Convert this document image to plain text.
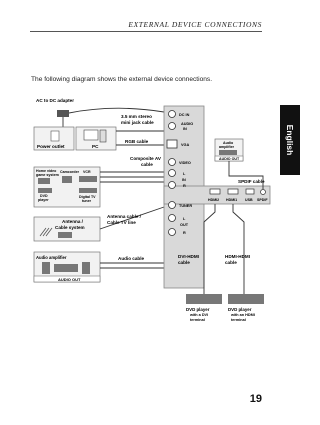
EXTERNAL DEVICE CONNECTIONS
English
The following diagram shows the external device connections.
AC to DC adapter
Power outlet	PC
3.5 mm stereo
mini jack cable
RGB cable
Home video
game system
Camcorder VCR
DVD
player
Digital TV
tuner
Composite AV
cable
Antenna /
Cable system
Antenna cable /
Cable TV line
Audio amplifier
AUDIO OUT
Audio cable
DC IN
AUDIO
IN
VGA
VIDEO
L
IN
R
TUNER
L
OUT
R
HDMI2 HDMI1 USB SPDIF
Audio
amplifier
AUDIO OUT
SPDIF cable
DVI-HDMI
cable
HDMI-HDMI
cable
DVD player
with a DVI
terminal
DVD player
with an HDMI
terminal
19
